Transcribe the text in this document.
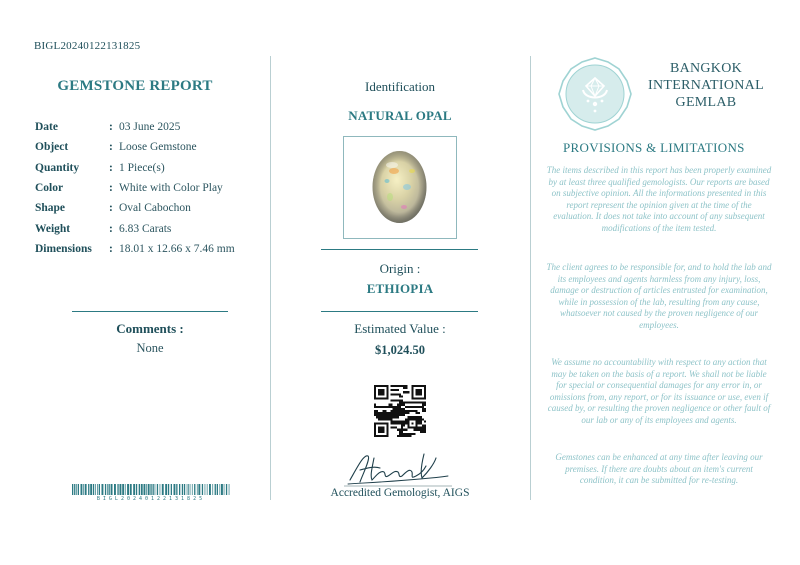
BIGL20240122131825
GEMSTONE REPORT
Date	: 03 June 2025
Object	: Loose Gemstone
Quantity	: 1 Piece(s)
Color	: White with Color Play
Shape	: Oval Cabochon
Weight	: 6.83 Carats
Dimensions : 18.01 x 12.66 x 7.46 mm
Comments :
None
BIGL20240122131825
Identification
NATURAL OPAL
Origin :
ETHIOPIA
Estimated Value :
$1,024.50
Accredited Gemologist, AIGS
BANGKOK
INTERNATIONAL
GEMLAB
PROVISIONS & LIMITATIONS
The items described in this report has been properly examined by at least three qualified gemologists. Our reports are based on subjective opinion. All the informations presented in this report represent the opinion given at the time of the evaluation. It does not take into account of any subsequent modifications of the item tested.
The client agrees to be responsible for, and to hold the lab and its employees and agents harmless from any injury, loss, damage or destruction of articles entrusted for examination, while in possession of the lab, resulting from any cause, whatsoever not caused by the proven negligence of our employees.
We assume no accountability with respect to any action that may be taken on the basis of a report. We shall not be liable for special or consequential damages for any error in, or omissions from, any report, or for its issuance or use, even if caused by, or resulting the proven negligence or other fault of our lab or any of its employees and agents.
Gemstones can be enhanced at any time after leaving our premises. If there are doubts about an item's current condition, it can be submitted for re-testing.
